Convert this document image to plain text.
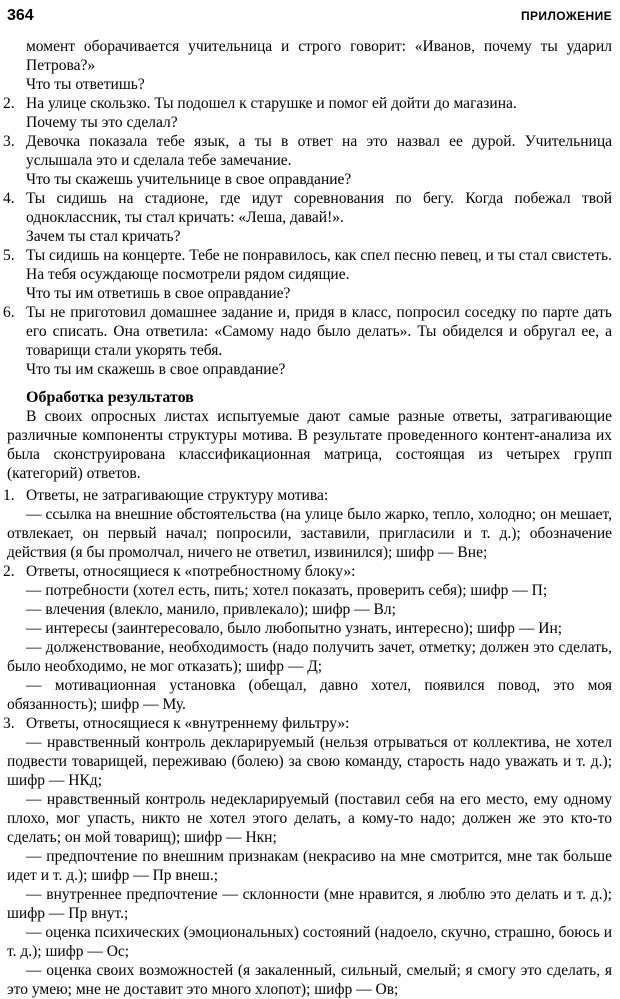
364	ПРИЛОЖЕНИЕ
момент оборачивается учительница и строго говорит: «Иванов, почему ты ударил Петрова?»
Что ты ответишь?
2. На улице скользко. Ты подошел к старушке и помог ей дойти до магазина.
Почему ты это сделал?
3. Девочка показала тебе язык, а ты в ответ на это назвал ее дурой. Учительница услышала это и сделала тебе замечание.
Что ты скажешь учительнице в свое оправдание?
4. Ты сидишь на стадионе, где идут соревнования по бегу. Когда побежал твой одноклассник, ты стал кричать: «Леша, давай!».
Зачем ты стал кричать?
5. Ты сидишь на концерте. Тебе не понравилось, как спел песню певец, и ты стал свистеть. На тебя осуждающе посмотрели рядом сидящие.
Что ты им ответишь в свое оправдание?
6. Ты не приготовил домашнее задание и, придя в класс, попросил соседку по парте дать его списать. Она ответила: «Самому надо было делать». Ты обиделся и обругал ее, а товарищи стали укорять тебя.
Что ты им скажешь в свое оправдание?
Обработка результатов

В своих опросных листах испытуемые дают самые разные ответы, затрагивающие различные компоненты структуры мотива. В результате проведенного контент-анализа их была сконструирована классификационная матрица, состоящая из четырех групп (категорий) ответов.

1. Ответы, не затрагивающие структуру мотива:

— ссылка на внешние обстоятельства (на улице было жарко, тепло, холодно; он мешает, отвлекает, он первый начал; попросили, заставили, пригласили и т. д.); обозначение действия (я бы промолчал, ничего не ответил, извинился); шифр — Вне;

2. Ответы, относящиеся к «потребностному блоку»:

— потребности (хотел есть, пить; хотел показать, проверить себя); шифр — П;

— влечения (влекло, манило, привлекало); шифр — Вл;

— интересы (заинтересовало, было любопытно узнать, интересно); шифр — Ин;

— долженствование, необходимость (надо получить зачет, отметку; должен это сделать, было необходимо, не мог отказать); шифр — Д;

— мотивационная установка (обещал, давно хотел, появился повод, это моя обязанность); шифр — Му.

3. Ответы, относящиеся к «внутреннему фильтру»:

— нравственный контроль декларируемый (нельзя отрываться от коллектива, не хотел подвести товарищей, переживаю (болею) за свою команду, старость надо уважать и т. д.); шифр — НКд;

— нравственный контроль недекларируемый (поставил себя на его место, ему одному плохо, мог упасть, никто не хотел этого делать, а кому-то надо; должен же это кто-то сделать; он мой товарищ); шифр — Нкн;

— предпочтение по внешним признакам (некрасиво на мне смотрится, мне так больше идет и т. д.); шифр — Пр внеш.;

— внутреннее предпочтение — склонности (мне нравится, я люблю это делать и т. д.); шифр — Пр внут.;

— оценка психических (эмоциональных) состояний (надоело, скучно, страшно, боюсь и т. д.); шифр — Ос;

— оценка своих возможностей (я закаленный, сильный, смелый; я смогу это сделать, я это умею; мне не доставит это много хлопот); шифр — Ов;
